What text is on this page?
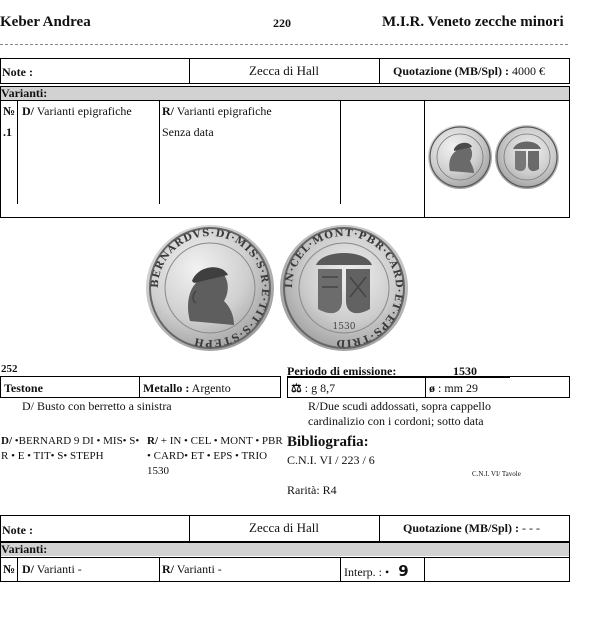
Keber Andrea	220	M.I.R. Veneto zecche minori
Note :	Zecca di Hall	Quotazione (MB/Spl) : 4000 €
Varianti:
№
.1
D/ Varianti epigrafiche	R/ Varianti epigrafiche
Senza data
BERNARDVS·DI·MIS·S·R·E·TIT·S·STEPH
IN·CEL·MONT·PBR·CARD·ET·EPS·TRID
1530
252	Periodo di emissione:	1530
Testone	Metallo : Argento	⚖ : g 8,7	ø : mm 29
D/ Busto con berretto a sinistra	R/Due scudi addossati, sopra cappello cardinalizio con i cordoni; sotto data
D/ •BERNARD 9 DI • MIS• S• R • E • TIT• S• STEPH
R/ + IN • CEL • MONT • PBR • CARD• ET • EPS • TRIO
1530
Bibliografia:
C.N.I. VI / 223 / 6
C.N.I. VI/ Tavole
Rarità: R4
Note :	Zecca di Hall	Quotazione (MB/Spl) : - - -
Varianti:
№ D/ Varianti -	R/ Varianti -	Interp. : • 9
